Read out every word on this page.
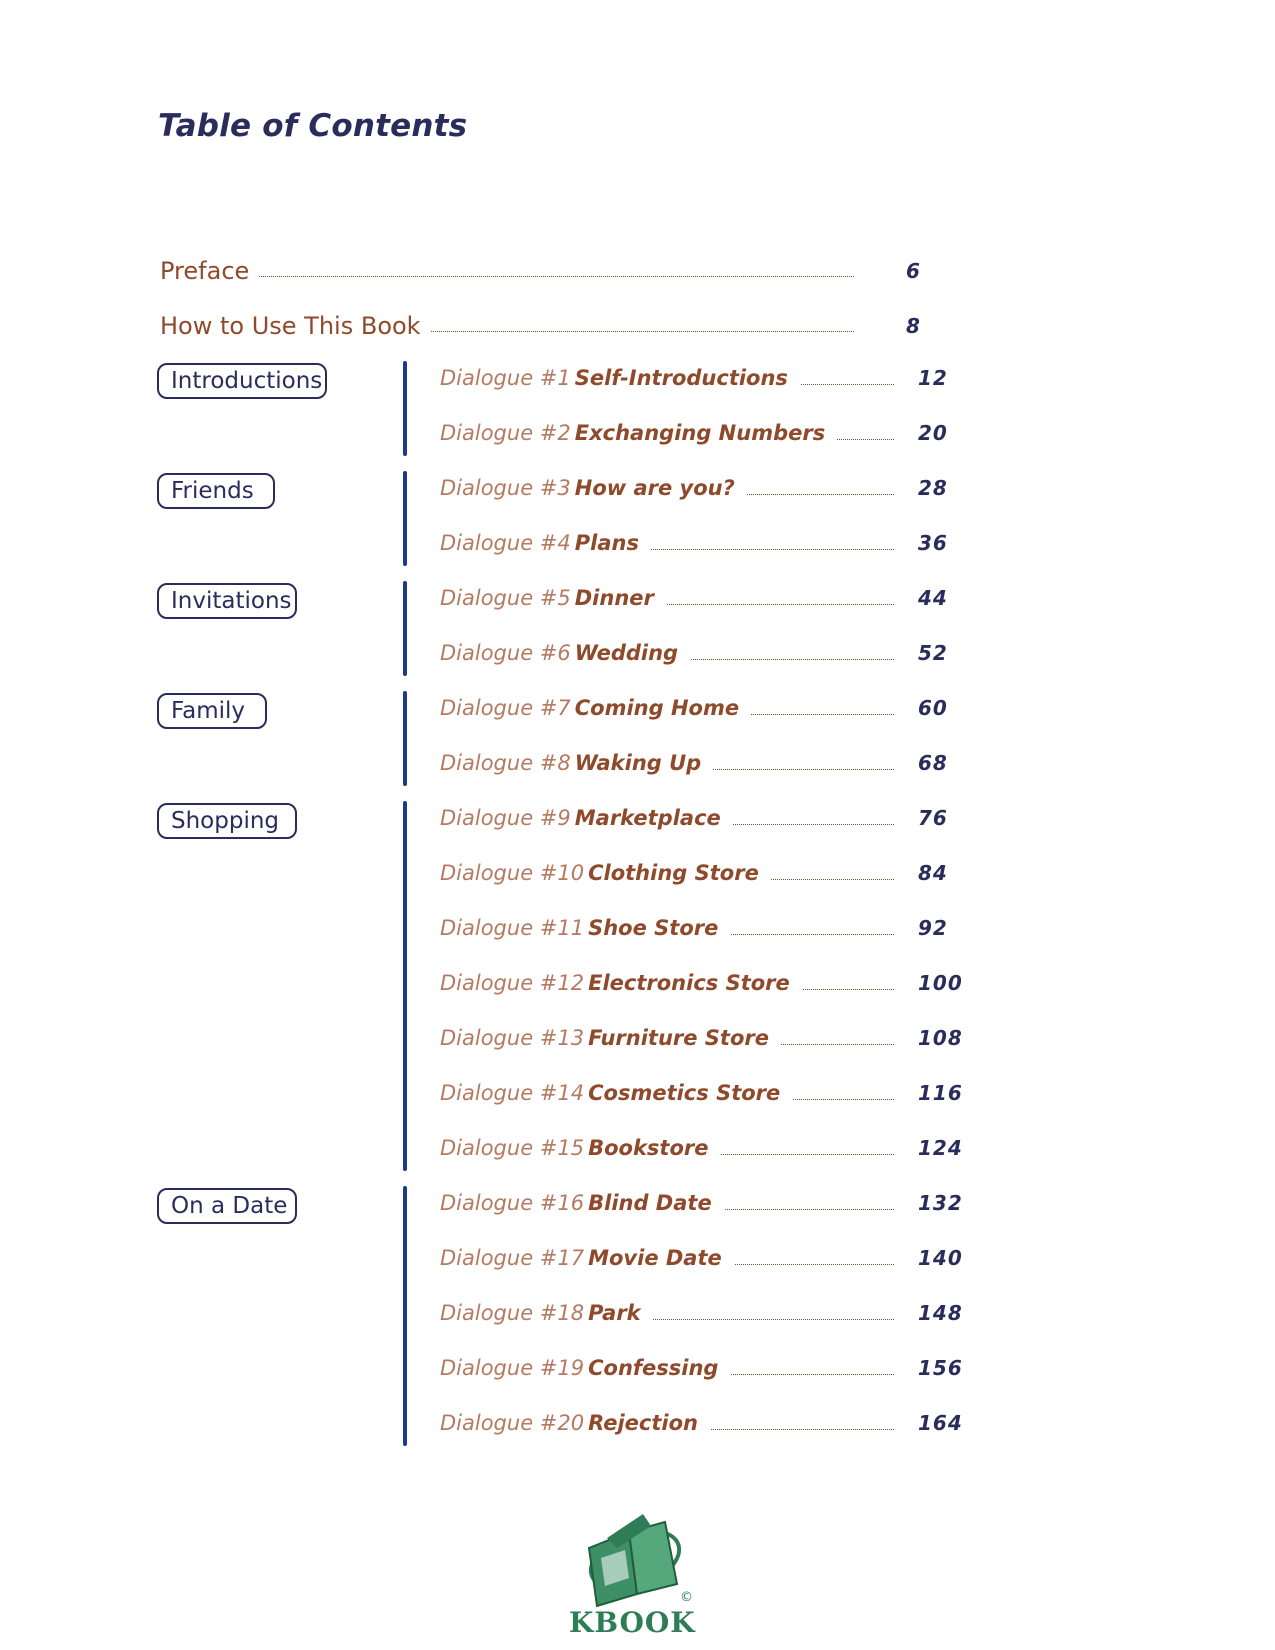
Table of Contents
Preface	6
How to Use This Book	8
Introductions	Dialogue #1 Self-Introductions	12
Dialogue #2 Exchanging Numbers	20
Friends	Dialogue #3 How are you?	28
Dialogue #4 Plans	36
Invitations	Dialogue #5 Dinner	44
Dialogue #6 Wedding	52
Family	Dialogue #7 Coming Home	60
Dialogue #8 Waking Up	68
Shopping	Dialogue #9 Marketplace	76
Dialogue #10 Clothing Store	84
Dialogue #11 Shoe Store	92
Dialogue #12 Electronics Store	100
Dialogue #13 Furniture Store	108
Dialogue #14 Cosmetics Store	116
Dialogue #15 Bookstore	124
On a Date	Dialogue #16 Blind Date	132
Dialogue #17 Movie Date	140
Dialogue #18 Park	148
Dialogue #19 Confessing	156
Dialogue #20 Rejection	164
©
KBOOK
